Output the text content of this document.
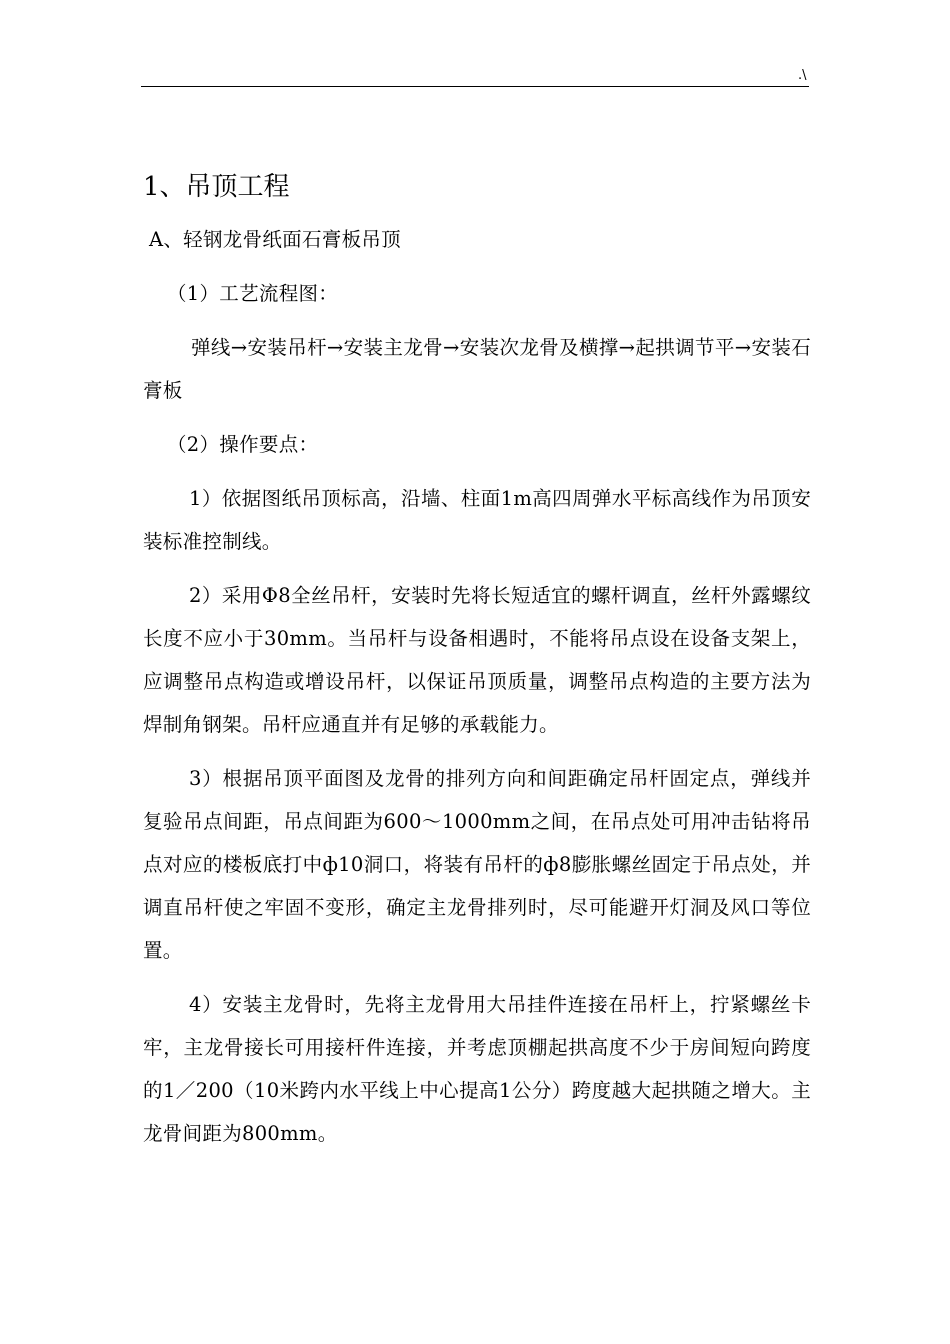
.\
1、吊顶工程

A、轻钢龙骨纸面石膏板吊顶

（1）工艺流程图：

弹线→安装吊杆→安装主龙骨→安装次龙骨及横撑→起拱调节平→安装石膏板

（2）操作要点：

1）依据图纸吊顶标高，沿墙、柱面1m高四周弹水平标高线作为吊顶安装标准控制线。

2）采用Φ8全丝吊杆，安装时先将长短适宜的螺杆调直，丝杆外露螺纹长度不应小于30mm。当吊杆与设备相遇时，不能将吊点设在设备支架上，应调整吊点构造或增设吊杆，以保证吊顶质量，调整吊点构造的主要方法为焊制角钢架。吊杆应通直并有足够的承载能力。

3）根据吊顶平面图及龙骨的排列方向和间距确定吊杆固定点，弹线并复验吊点间距，吊点间距为600～1000mm之间，在吊点处可用冲击钻将吊点对应的楼板底打中ф10洞口，将装有吊杆的ф8膨胀螺丝固定于吊点处，并调直吊杆使之牢固不变形，确定主龙骨排列时，尽可能避开灯洞及风口等位置。

4）安装主龙骨时，先将主龙骨用大吊挂件连接在吊杆上，拧紧螺丝卡牢，主龙骨接长可用接杆件连接，并考虑顶棚起拱高度不少于房间短向跨度的1／200（10米跨内水平线上中心提高1公分）跨度越大起拱随之增大。主龙骨间距为800mm。
